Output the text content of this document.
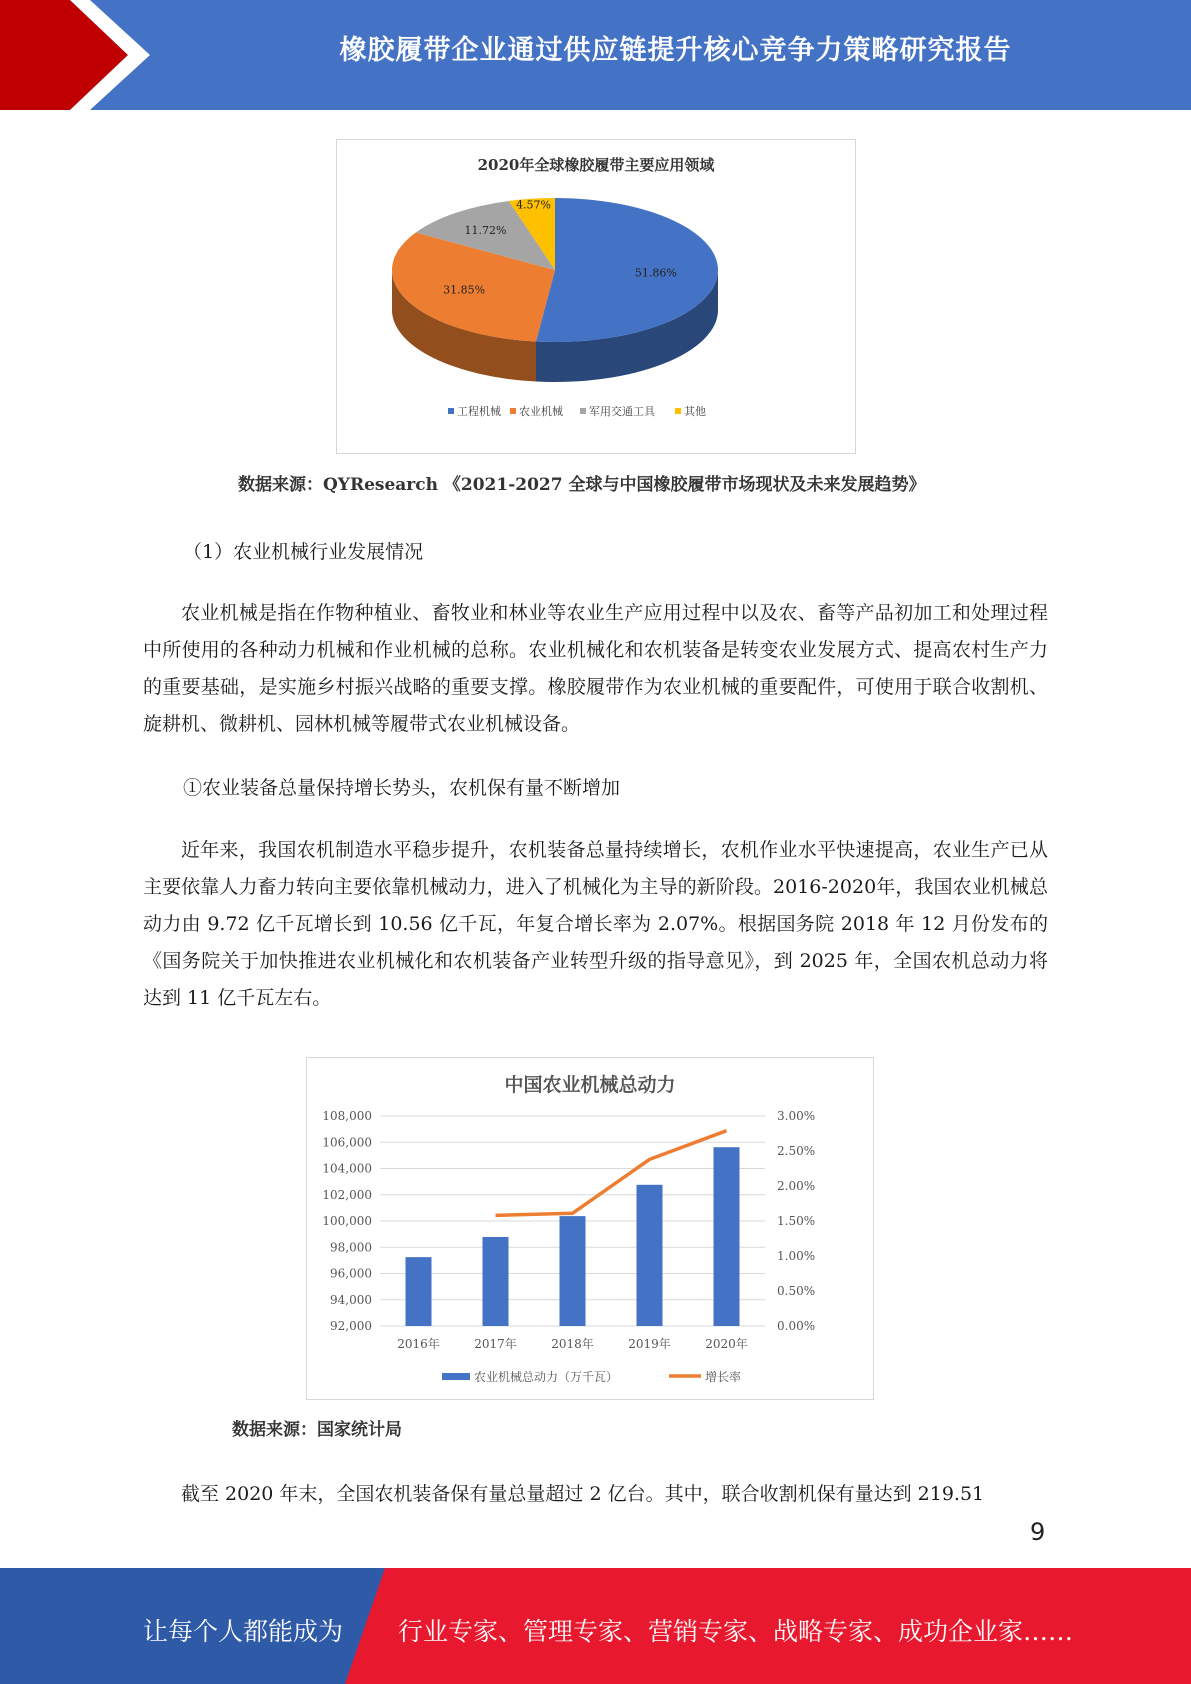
橡胶履带企业通过供应链提升核心竞争力策略研究报告
2020年全球橡胶履带主要应用领域
51.86%
31.85%
11.72%
4.57%
工程机械 农业机械 军用交通工具	其他
数据来源：QYResearch 《2021-2027 全球与中国橡胶履带市场现状及未来发展趋势》
（1）农业机械行业发展情况
农业机械是指在作物种植业、畜牧业和林业等农业生产应用过程中以及农、畜等产品初加工和处理过程中所使用的各种动力机械和作业机械的总称。农业机械化和农机装备是转变农业发展方式、提高农村生产力的重要基础，是实施乡村振兴战略的重要支撑。橡胶履带作为农业机械的重要配件，可使用于联合收割机、旋耕机、微耕机、园林机械等履带式农业机械设备。
①农业装备总量保持增长势头，农机保有量不断增加
近年来，我国农机制造水平稳步提升，农机装备总量持续增长，农机作业水平快速提高，农业生产已从主要依靠人力畜力转向主要依靠机械动力，进入了机械化为主导的新阶段。2016-2020年，我国农业机械总动力由 9.72 亿千瓦增长到 10.56 亿千瓦，年复合增长率为 2.07%。根据国务院 2018 年 12 月份发布的《国务院关于加快推进农业机械化和农机装备产业转型升级的指导意见》，到 2025 年，全国农机总动力将达到 11 亿千瓦左右。
中国农业机械总动力
92,000
94,000
96,000
98,000
100,000
102,000
104,000
106,000
108,000
0.00%
0.50%
1.00%
1.50%
2.00%
2.50%
3.00%
2016年	2017年	2018年	2019年	2020年
农业机械总动力（万千瓦）	增长率
数据来源：国家统计局
截至 2020 年末，全国农机装备保有量总量超过 2 亿台。其中，联合收割机保有量达到 219.51
9
让每个人都能成为 行业专家、管理专家、营销专家、战略专家、成功企业家……
